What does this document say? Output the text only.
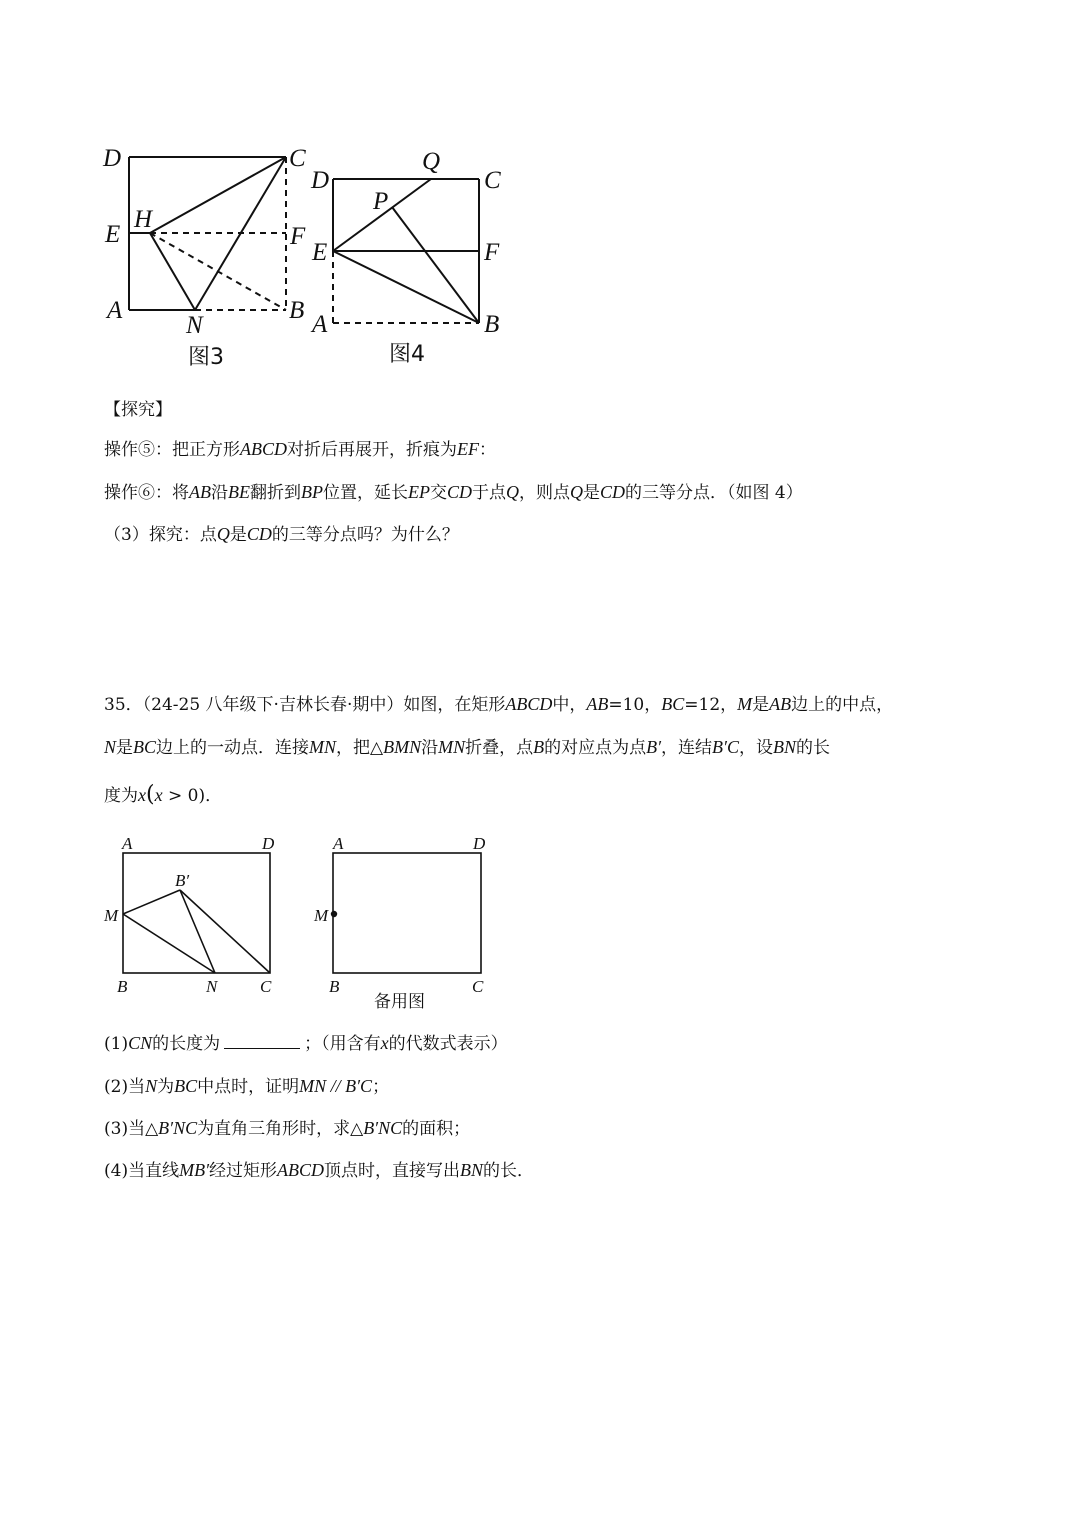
D	C
E
H
F
A
N
B
图3
Q
D	C
P
E	F
A	B
图4
【探究】
操作⑤：把正方形ABCD对折后再展开，折痕为EF：
操作⑥：将AB沿BE翻折到BP位置，延长EP交CD于点Q，则点Q是CD的三等分点．（如图 4）
（3）探究：点Q是CD的三等分点吗？为什么？
35．（24-25 八年级下·吉林长春·期中）如图，在矩形ABCD中，AB=10，BC=12，M是AB边上的中点，
N是BC边上的一动点．连接MN，把△BMN沿MN折叠，点B的对应点为点B′，连结B′C，设BN的长
度为x(x > 0)．
A	D
B′
M
B	N	C
A	D
M
B	C
备用图
(1)CN的长度为	；（用含有x的代数式表示）
(2)当N为BC中点时，证明MN // B′C；
(3)当△B′NC为直角三角形时，求△B′NC的面积；
(4)当直线MB′经过矩形ABCD顶点时，直接写出BN的长．
